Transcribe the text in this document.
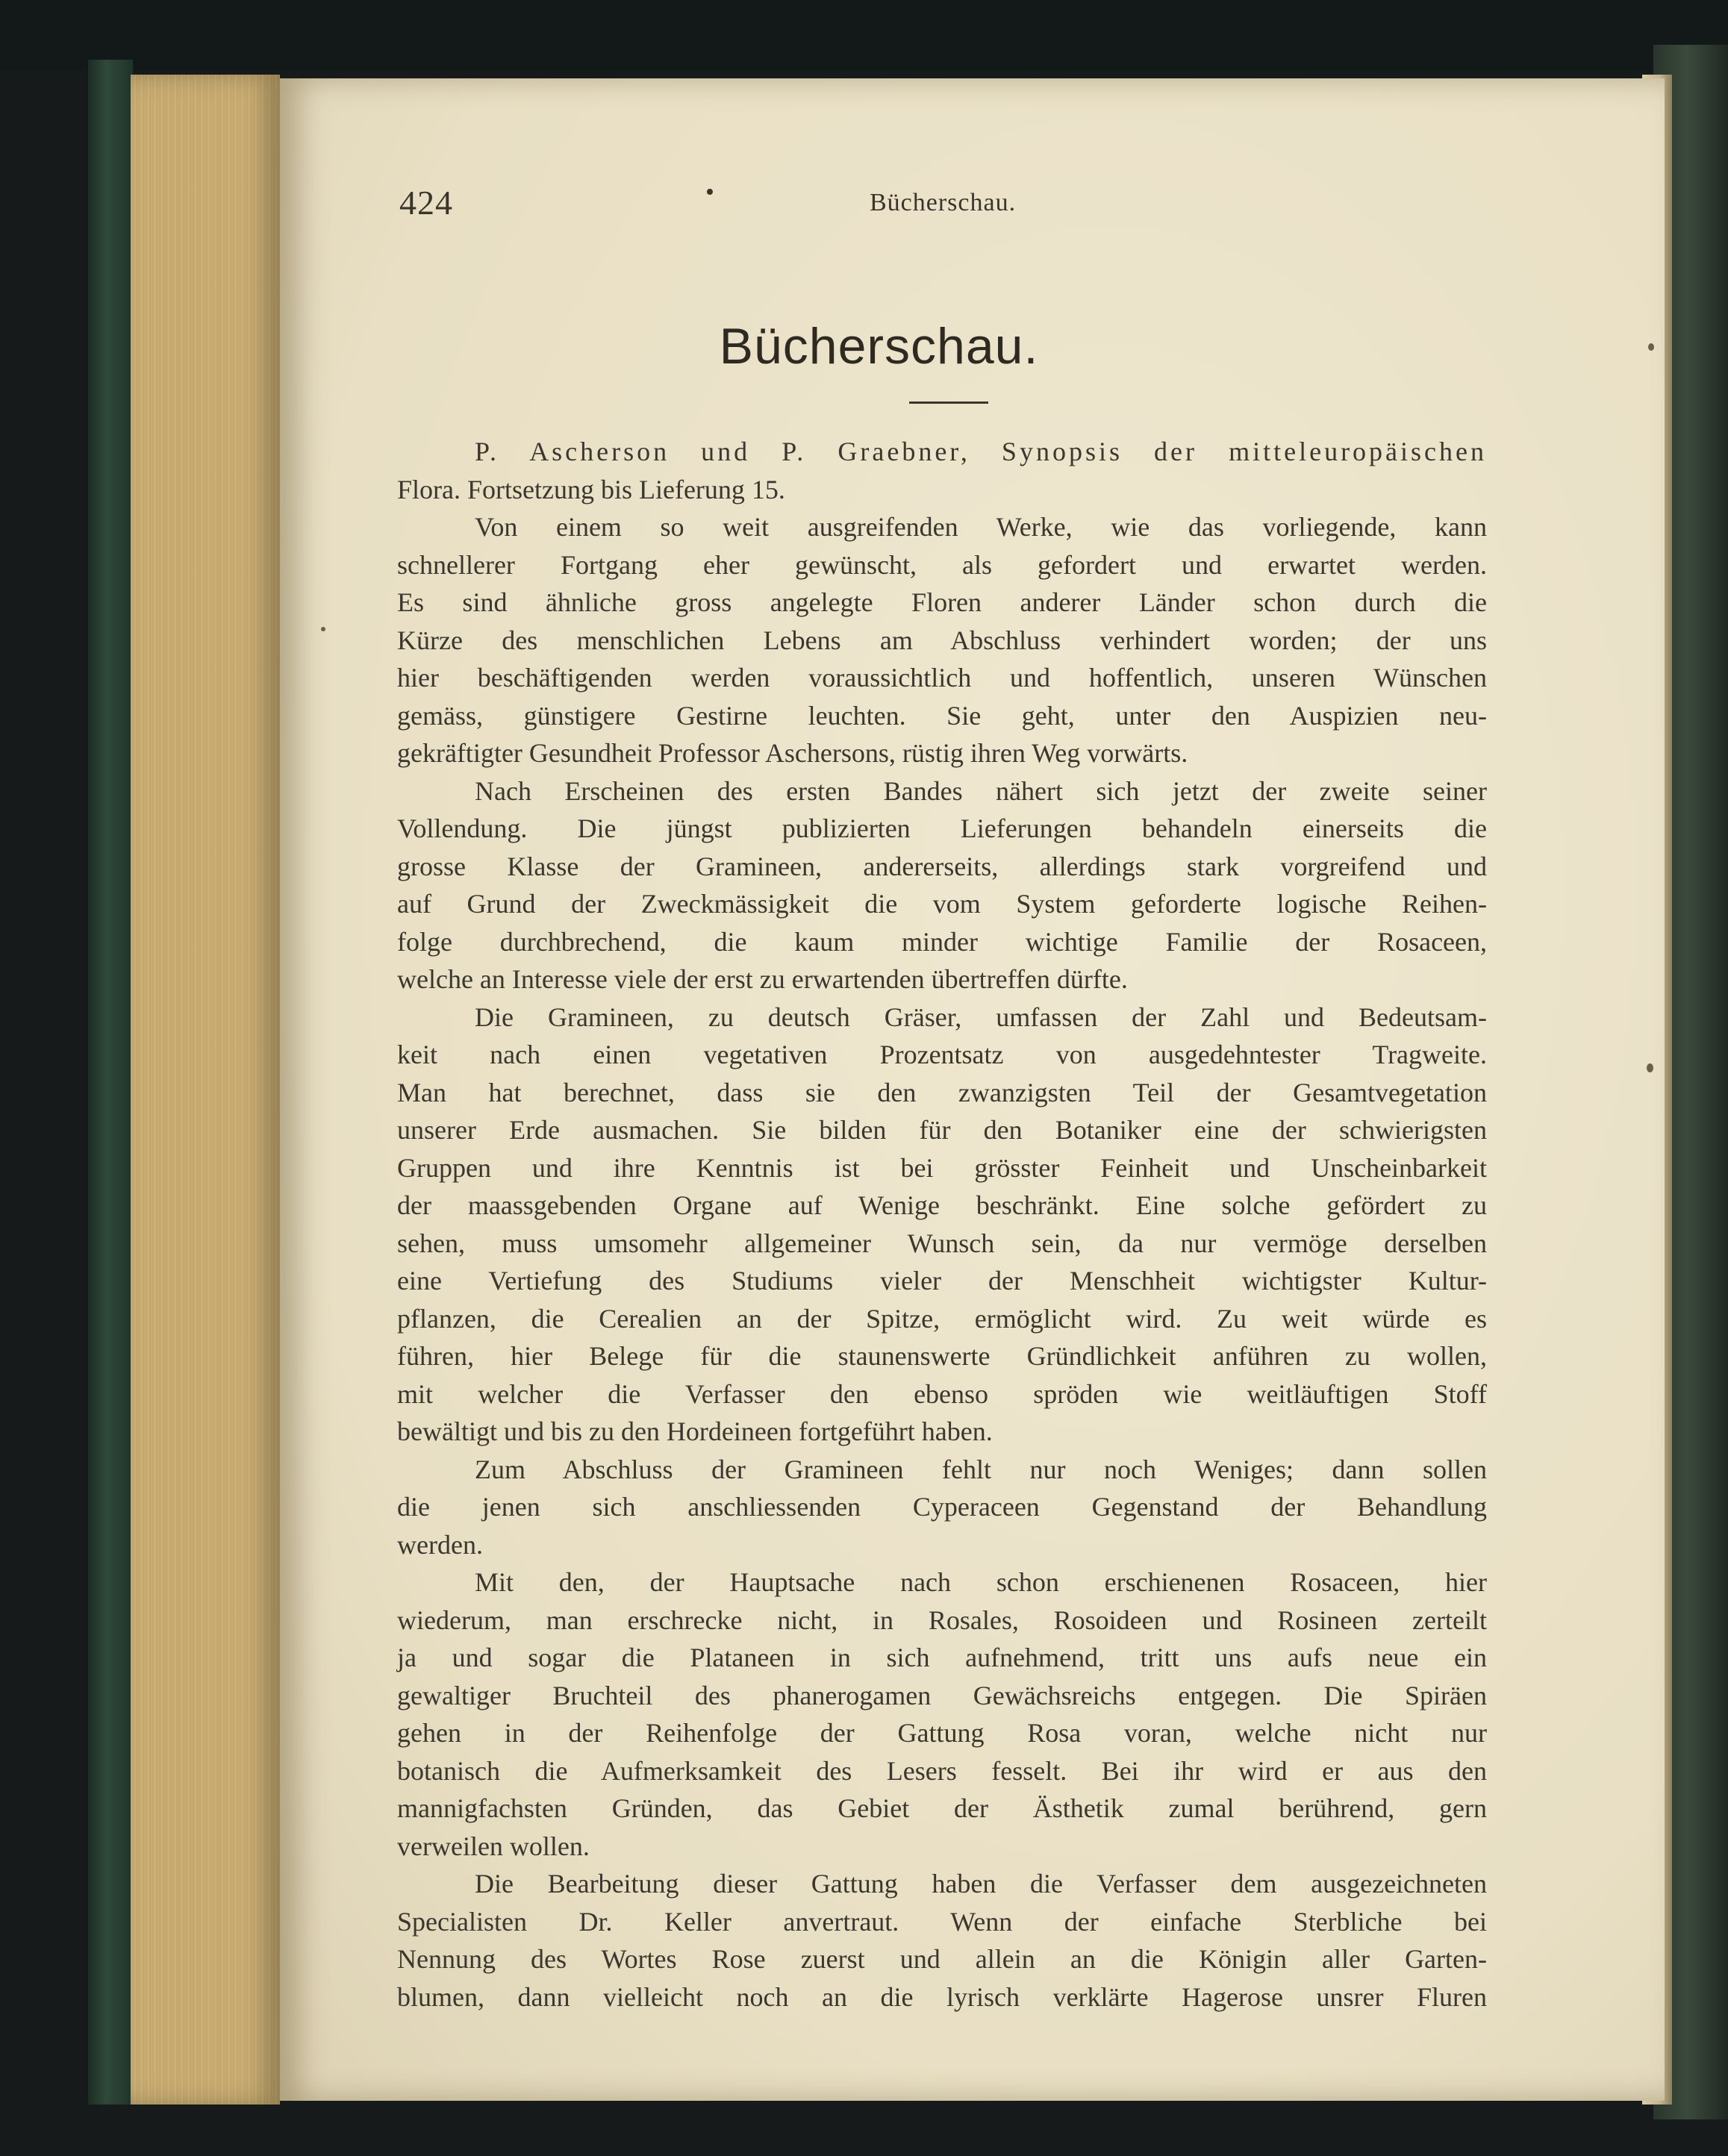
424	•	Bücherschau.
Bücherschau.
P. Ascherson und P. Graebner, Synopsis der mitteleuropäischen
Flora. Fortsetzung bis Lieferung 15.
Von einem so weit ausgreifenden Werke, wie das vorliegende, kann
schnellerer Fortgang eher gewünscht, als gefordert und erwartet werden.
Es sind ähnliche gross angelegte Floren anderer Länder schon durch die
Kürze des menschlichen Lebens am Abschluss verhindert worden; der uns
hier beschäftigenden werden voraussichtlich und hoffentlich, unseren Wünschen
gemäss, günstigere Gestirne leuchten. Sie geht, unter den Auspizien neu-
gekräftigter Gesundheit Professor Aschersons, rüstig ihren Weg vorwärts.
Nach Erscheinen des ersten Bandes nähert sich jetzt der zweite seiner
Vollendung. Die jüngst publizierten Lieferungen behandeln einerseits die
grosse Klasse der Gramineen, andererseits, allerdings stark vorgreifend und
auf Grund der Zweckmässigkeit die vom System geforderte logische Reihen-
folge durchbrechend, die kaum minder wichtige Familie der Rosaceen,
welche an Interesse viele der erst zu erwartenden übertreffen dürfte.
Die Gramineen, zu deutsch Gräser, umfassen der Zahl und Bedeutsam-
keit nach einen vegetativen Prozentsatz von ausgedehntester Tragweite.
Man hat berechnet, dass sie den zwanzigsten Teil der Gesamtvegetation
unserer Erde ausmachen. Sie bilden für den Botaniker eine der schwierigsten
Gruppen und ihre Kenntnis ist bei grösster Feinheit und Unscheinbarkeit
der maassgebenden Organe auf Wenige beschränkt. Eine solche gefördert zu
sehen, muss umsomehr allgemeiner Wunsch sein, da nur vermöge derselben
eine Vertiefung des Studiums vieler der Menschheit wichtigster Kultur-
pflanzen, die Cerealien an der Spitze, ermöglicht wird. Zu weit würde es
führen, hier Belege für die staunenswerte Gründlichkeit anführen zu wollen,
mit welcher die Verfasser den ebenso spröden wie weitläuftigen Stoff
bewältigt und bis zu den Hordeineen fortgeführt haben.
Zum Abschluss der Gramineen fehlt nur noch Weniges; dann sollen
die jenen sich anschliessenden Cyperaceen Gegenstand der Behandlung
werden.
Mit den, der Hauptsache nach schon erschienenen Rosaceen, hier
wiederum, man erschrecke nicht, in Rosales, Rosoideen und Rosineen zerteilt
ja und sogar die Plataneen in sich aufnehmend, tritt uns aufs neue ein
gewaltiger Bruchteil des phanerogamen Gewächsreichs entgegen. Die Spiräen
gehen in der Reihenfolge der Gattung Rosa voran, welche nicht nur
botanisch die Aufmerksamkeit des Lesers fesselt. Bei ihr wird er aus den
mannigfachsten Gründen, das Gebiet der Ästhetik zumal berührend, gern
verweilen wollen.
Die Bearbeitung dieser Gattung haben die Verfasser dem ausgezeichneten
Specialisten Dr. Keller anvertraut. Wenn der einfache Sterbliche bei
Nennung des Wortes Rose zuerst und allein an die Königin aller Garten-
blumen, dann vielleicht noch an die lyrisch verklärte Hagerose unsrer Fluren
